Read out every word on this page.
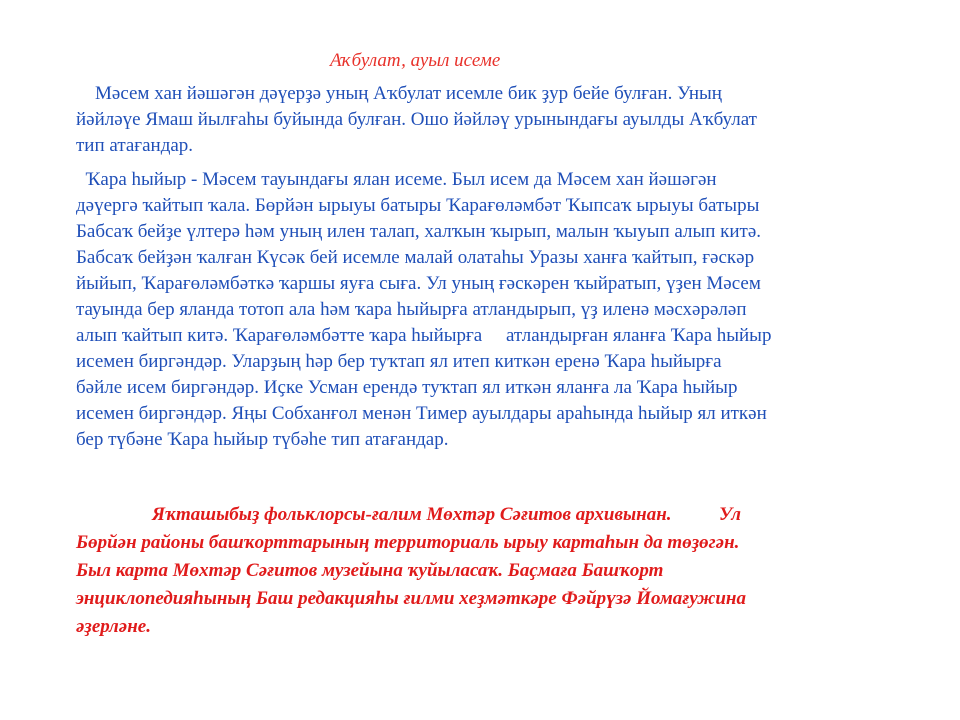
Аҡбулат, ауыл исеме
Мәсем хан йәшәгән дәүерҙә уның Аҡбулат исемле бик ҙур бейе булған. Уның
йәйләүе Ямаш йылғаһы буйында булған. Ошо йәйләү урынындағы ауылды Аҡбулат
тип атағандар.
Ҡара һыйыр - Мәсем тауындағы ялан исеме. Был исем да Мәсем хан йәшәгән
дәүергә ҡайтып ҡала. Бөрйән ырыуы батыры Ҡарағөләмбәт Ҡыпсаҡ ырыуы батыры
Бабсаҡ бейҙе үлтерә һәм уның илен талап, халҡын ҡырып, малын ҡыуып алып китә.
Бабсаҡ бейҙән ҡалған Күсәк бей исемле малай олатаһы Уразы ханға ҡайтып, ғәскәр
йыйып, Ҡарағөләмбәткә ҡаршы яуға сыға. Ул уның ғәскәрен ҡыйратып, үҙен Мәсем
тауында бер яланда тотоп ала һәм ҡара һыйырға атландырып, үҙ иленә мәсхәрәләп
алып ҡайтып китә. Ҡарағөләмбәтте ҡара һыйырға     атландырған яланға Ҡара һыйыр
исемен биргәндәр. Уларҙың һәр бер туҡтап ял итеп киткән еренә Ҡара һыйырға
бәйле исем биргәндәр. Иҫке Усман ерендә туҡтап ял иткән яланға ла Ҡара һыйыр
исемен биргәндәр. Яңы Собханғол менән Тимер ауылдары араһында һыйыр ял иткән
бер түбәне Ҡара һыйыр түбәһе тип атағандар.
Яҡташыбыҙ фольклорсы-ғалим Мөхтәр Сәғитов архивынан.          Ул
Бөрйән районы башҡорттарының территориаль ырыу картаһын да төҙөгән.
Был карта Мөхтәр Сәғитов музейына ҡуйыласаҡ. Баҫмаға Башҡорт
энциклопедияһының Баш редакцияһы ғилми хеҙмәткәре Фәйрүзә Йомағужина
әҙерләне.
